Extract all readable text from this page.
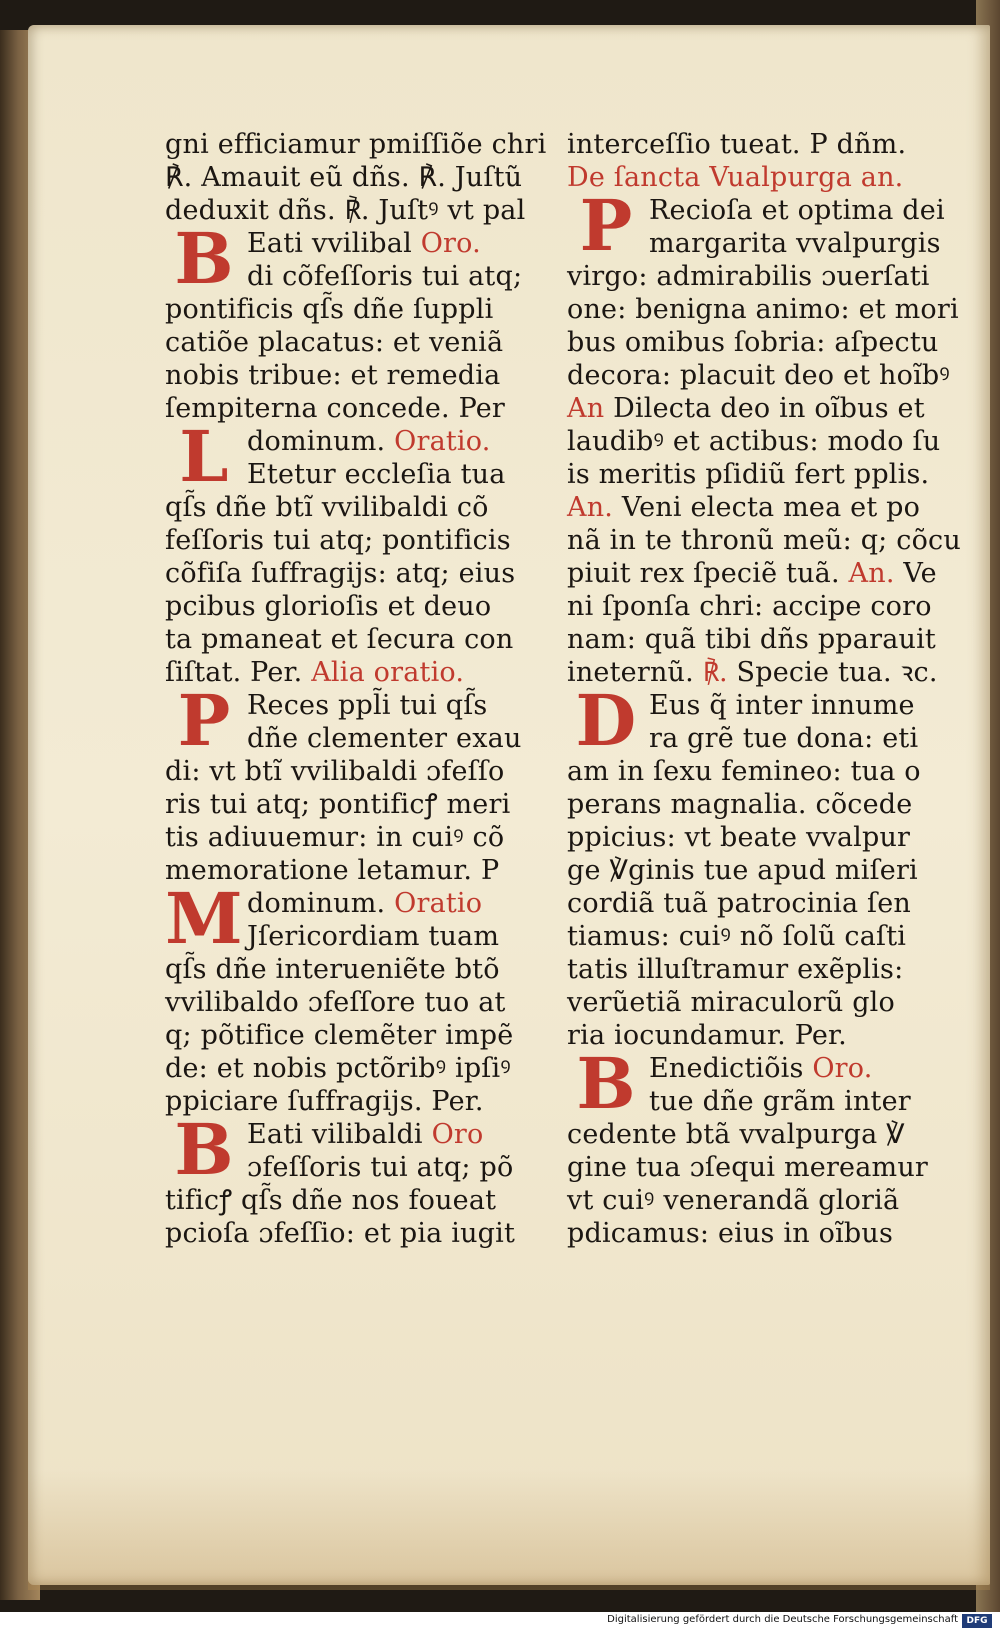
gni efficiamur pmiſſiõe chri
℟. Amauit eũ dñs. ℟. Juſtũ
deduxit dñs. ℟. Juſtꝰ vt pal
B Eati vvilibal Oro.
di cõfeſſoris tui atq;
pontificis qſ̃s dñe ſuppli
catiõe placatus: et veniã
nobis tribue: et remedia
ſempiterna concede. Per
L dominum. Oratio.
Etetur eccleſia tua
qſ̃s dñe btĩ vvilibaldi cõ
feſſoris tui atq; pontificis
cõfiſa ſuffragijs: atq; eius
pcibus glorioſis et deuo
ta pmaneat et ſecura con
ſiſtat. Per. Alia oratio.
P Reces ppl̃i tui qſ̃s
dñe clementer exau
di: vt btĩ vvilibaldi ɔfeſſo
ris tui atq; pontificꝭ meri
tis adiuuemur: in cuiꝰ cõ
memoratione letamur. P
M dominum. Oratio
Jſericordiam tuam
qſ̃s dñe interueniẽte btõ
vvilibaldo ɔfeſſore tuo at
q; põtifice clemẽter impẽ
de: et nobis pctõribꝰ ipſiꝰ
ppiciare ſuffragijs. Per.
B Eati vilibaldi Oro
ɔfeſſoris tui atq; põ
tificꝭ qſ̃s dñe nos foueat
pcioſa ɔfeſſio: et pia iugit
interceſſio tueat. P dñm.
De ſancta Vualpurga an.
P Recioſa et optima dei
margarita vvalpurgis
virgo: admirabilis ɔuerſati
one: benigna animo: et mori
bus omibus ſobria: aſpectu
decora: placuit deo et hoĩbꝰ
An Dilecta deo in oĩbus et
laudibꝰ et actibus: modo ſu
is meritis pſidiũ fert pplis.
An. Veni electa mea et po
nã in te thronũ meũ: q; cõcu
piuit rex ſpeciẽ tuã. An. Ve
ni ſponſa chri: accipe coro
nam: quã tibi dñs pparauit
ineternũ. ℟. Specie tua. ꝛc.
D Eus q̃ inter innume
ra grẽ tue dona: eti
am in ſexu femineo: tua o
perans magnalia. cõcede
ppicius: vt beate vvalpur
ge ℣ginis tue apud miſeri
cordiã tuã patrocinia ſen
tiamus: cuiꝰ nõ ſolũ caſti
tatis illuſtramur exẽplis:
verũetiã miraculorũ glo
ria iocundamur. Per.
B Enedictiõis Oro.
tue dñe grãm inter
cedente btã vvalpurga ℣
gine tua ɔſequi mereamur
vt cuiꝰ venerandã gloriã
pdicamus: eius in oĩbus
Digitalisierung gefördert durch die Deutsche Forschungsgemeinschaft DFG
